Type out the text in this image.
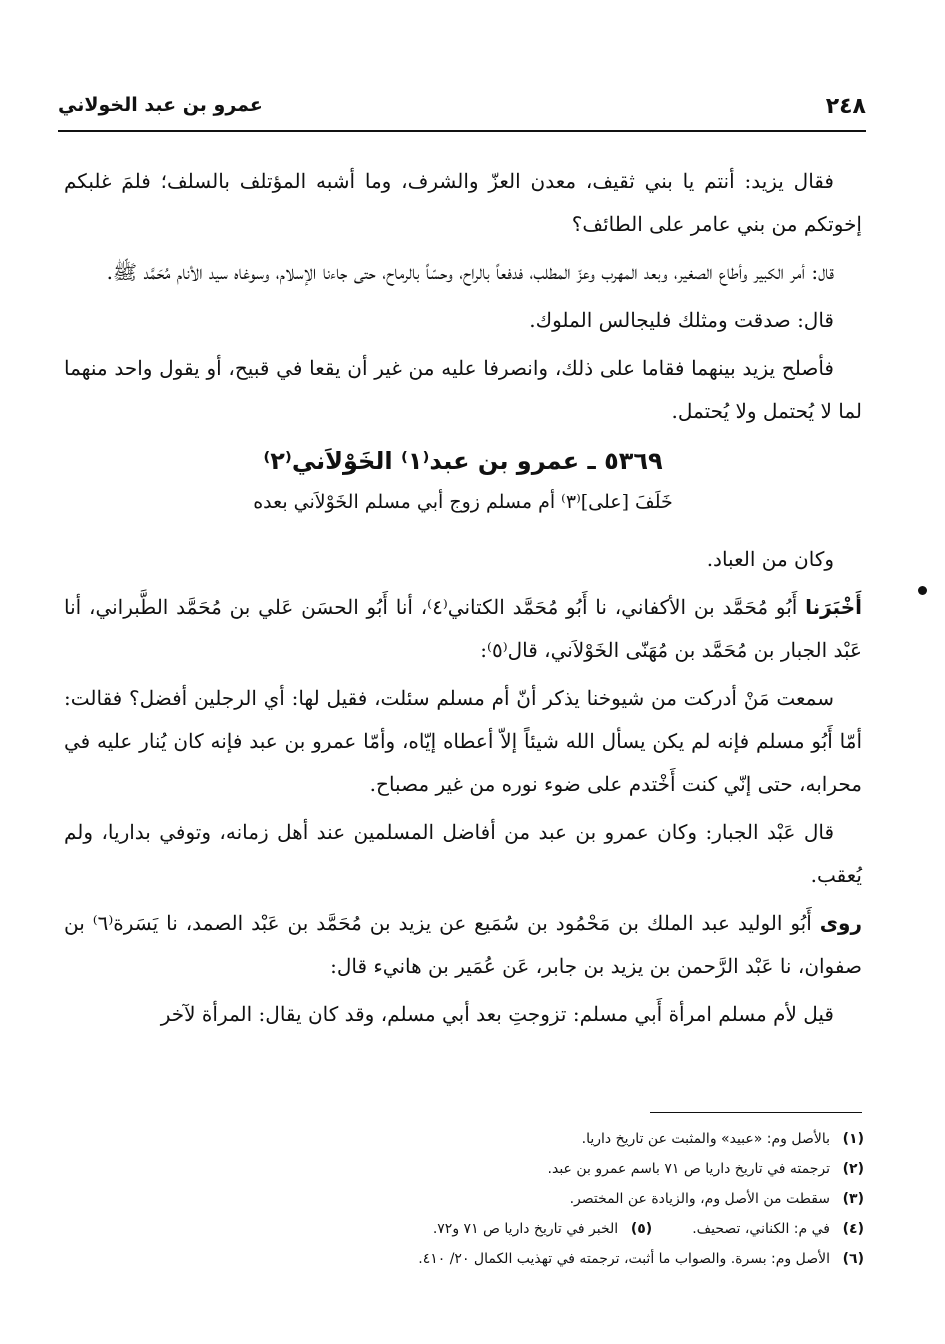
٢٤٨
عمرو بن عبد الخولاني

فقال يزيد: أنتم يا بني ثقيف، معدن العزّ والشرف، وما أشبه المؤتلف بالسلف؛ فلمَ غلبكم إخوتكم من بني عامر على الطائف؟

قال: أمر الكبير وأطاع الصغير، وبعد المهرب وعزّ المطلب، فدفعاً بالراح، وحسّاً بالرماح، حتى جاءنا الإسلام، وسوغاه سيد الأنام مُحَمَّد ﷺ.

قال: صدقت ومثلك فليجالس الملوك.

فأصلح يزيد بينهما فقاما على ذلك، وانصرفا عليه من غير أن يقعا في قبيح، أو يقول واحد منهما لما لا يُحتمل ولا يُحتمل.

٥٣٦٩ ـ عمرو بن عبد⁽١⁾ الخَوْلاَني⁽٢⁾
خَلَفَ [على]⁽٣⁾ أم مسلم زوج أبي مسلم الخَوْلاَني بعده

وكان من العباد.

أَخْبَرَنا أَبُو مُحَمَّد بن الأكفاني، نا أَبُو مُحَمَّد الكتاني⁽٤⁾، أنا أَبُو الحسَن عَلي بن مُحَمَّد الطَّبراني، أنا عَبْد الجبار بن مُحَمَّد بن مُهَنّى الخَوْلاَني، قال⁽٥⁾:

سمعت مَنْ أدركت من شيوخنا يذكر أنّ أم مسلم سئلت، فقيل لها: أي الرجلين أفضل؟ فقالت: أمّا أَبُو مسلم فإنه لم يكن يسأل الله شيئاً إلاّ أعطاه إيّاه، وأمّا عمرو بن عبد فإنه كان يُنار عليه في محرابه، حتى إنّي كنت أَخْتدم على ضوء نوره من غير مصباح.

قال عَبْد الجبار: وكان عمرو بن عبد من أفاضل المسلمين عند أهل زمانه، وتوفي بداريا، ولم يُعقب.

روى أَبُو الوليد عبد الملك بن مَحْمُود بن سُمَيع عن يزيد بن مُحَمَّد بن عَبْد الصمد، نا يَسَرة⁽٦⁾ بن صفوان، نا عَبْد الرَّحمن بن يزيد بن جابر، عَن عُمَير بن هانيء قال:

قيل لأم مسلم امرأة أَبي مسلم: تزوجتِ بعد أبي مسلم، وقد كان يقال: المرأة لآخر

(١)بالأصل وم: «عبيد» والمثبت عن تاريخ داريا.
(٢)ترجمته في تاريخ داريا ص ٧١ باسم عمرو بن عبد.
(٣)سقطت من الأصل وم، والزيادة عن المختصر.
(٤)في م: الكناني، تصحيف.(٥)الخبر في تاريخ داريا ص ٧١ و٧٢.
(٦)الأصل وم: بسرة. والصواب ما أثبت، ترجمته في تهذيب الكمال ٢٠/ ٤١٠.
